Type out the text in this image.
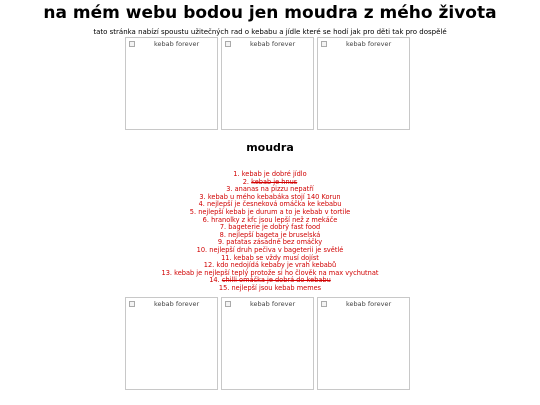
na mém webu bodou jen moudra z mého života

tato stránka nabízí spoustu užitečných rad o kebabu a jídle které se hodí jak pro děti tak pro dospělé

kebab forever	kebab forever	kebab forever
moudra
1. kebab je dobré jídlo
2. kebab je hnus
3. ananas na pizzu nepatří
3. kebab u mého kebabáka stojí 140 Korun
4. nejlepší je česneková omáčka ke kebabu
5. nejlepší kebab je durum a to je kebab v tortile
6. hranolky z kfc jsou lepší než z mekáče
7. bageterie je dobrý fast food
8. nejlepší bageta je bruselská
9. patatas zásadně bez omáčky
10. nejlepší druh pečiva v bageterii je světlé
11. kebab se vždy musí dojíst
12. kdo nedojídá kebaby je vrah kebabů
13. kebab je nejlepší teplý protože si ho člověk na max vychutnat
14. chilli omáčka je dobrá do kebabu
15. nejlepší jsou kebab memes
kebab forever	kebab forever	kebab forever
